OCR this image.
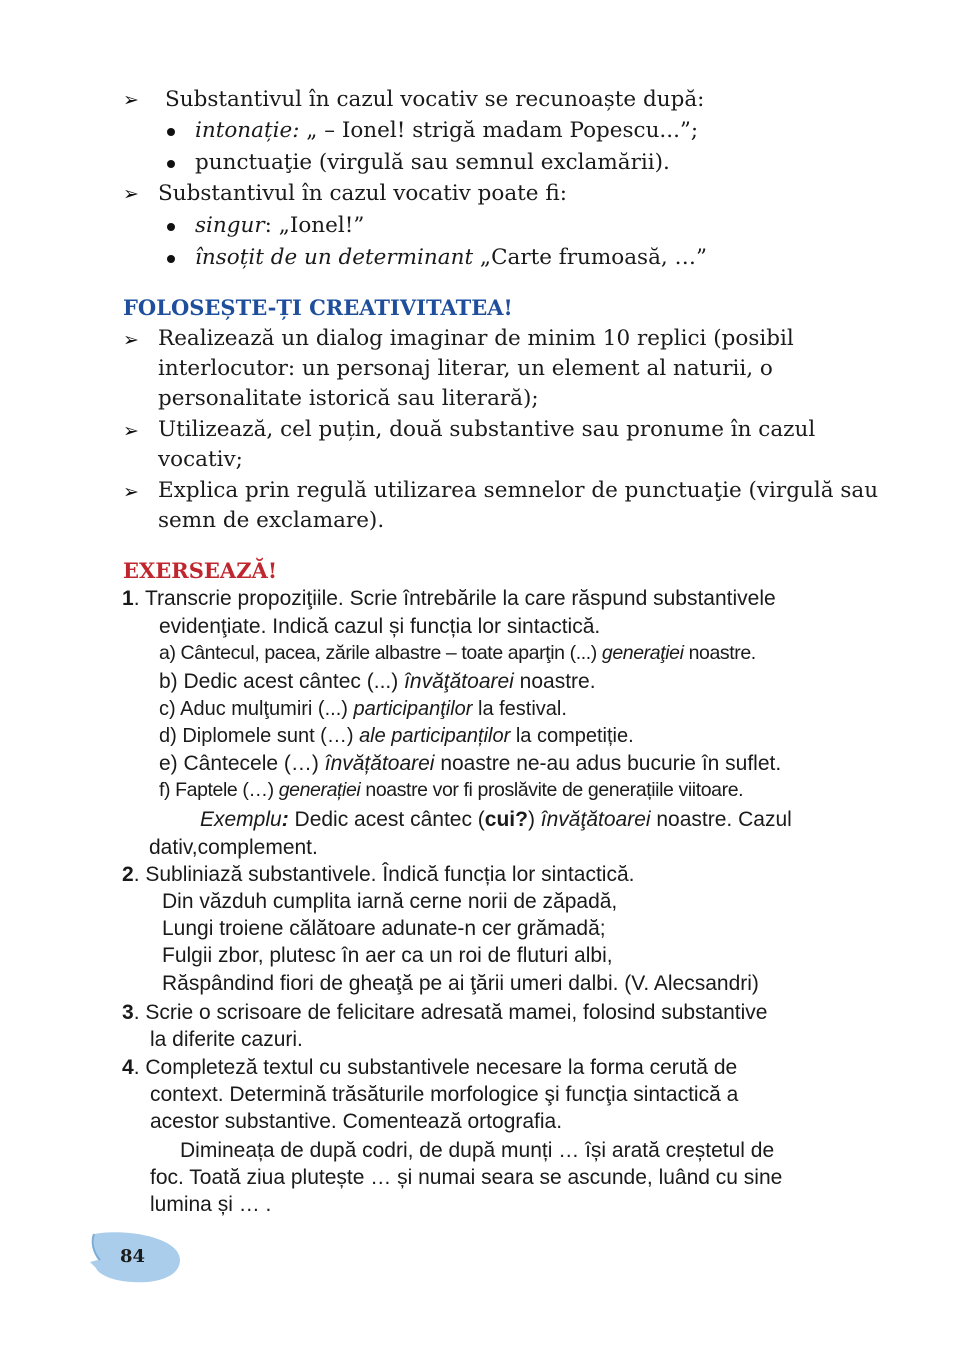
➢ Substantivul în cazul vocativ se recunoaște după:
intonație: „ – Ionel! strigă madam Popescu...”;
punctuaţie (virgulă sau semnul exclamării).
➢ Substantivul în cazul vocativ poate fi:
singur: „Ionel!”
însoțit de un determinant „Carte frumoasă, …”
FOLOSEȘTE-ȚI CREATIVITATEA!
➢ Realizează un dialog imaginar de minim 10 replici (posibil
interlocutor: un personaj literar, un element al naturii, o
personalitate istorică sau literară);
➢ Utilizează, cel puțin, două substantive sau pronume în cazul
vocativ;
➢ Explica prin regulă utilizarea semnelor de punctuaţie (virgulă sau
semn de exclamare).
EXERSEAZĂ!
1. Transcrie propoziţiile. Scrie întrebările la care răspund substantivele
evidenţiate. Indică cazul și funcția lor sintactică.
a) Cântecul, pacea, zările albastre – toate aparţin (...) generaţiei noastre.
b) Dedic acest cântec (...) învăţătoarei noastre.
c) Aduc mulţumiri (...) participanţilor la festival.
d) Diplomele sunt (…) ale participanților la competiție.
e) Cântecele (…) învățătoarei noastre ne-au adus bucurie în suflet.
f) Faptele (…) generației noastre vor fi proslăvite de generațiile viitoare.
Exemplu: Dedic acest cântec (cui?) învăţătoarei noastre. Cazul
dativ,complement.
2. Subliniază substantivele. Îndică funcția lor sintactică.
Din văzduh cumplita iarnă cerne norii de zăpadă,
Lungi troiene călătoare adunate-n cer grămadă;
Fulgii zbor, plutesc în aer ca un roi de fluturi albi,
Răspândind fiori de gheaţă pe ai ţării umeri dalbi. (V. Alecsandri)
3. Scrie o scrisoare de felicitare adresată mamei, folosind substantive
la diferite cazuri.
4. Completeză textul cu substantivele necesare la forma cerută de
context. Determină trăsăturile morfologice şi funcţia sintactică a
acestor substantive. Comentează ortografia.
Dimineața de după codri, de după munți … își arată creștetul de
foc. Toată ziua plutește … și numai seara se ascunde, luând cu sine
lumina și … .
84
